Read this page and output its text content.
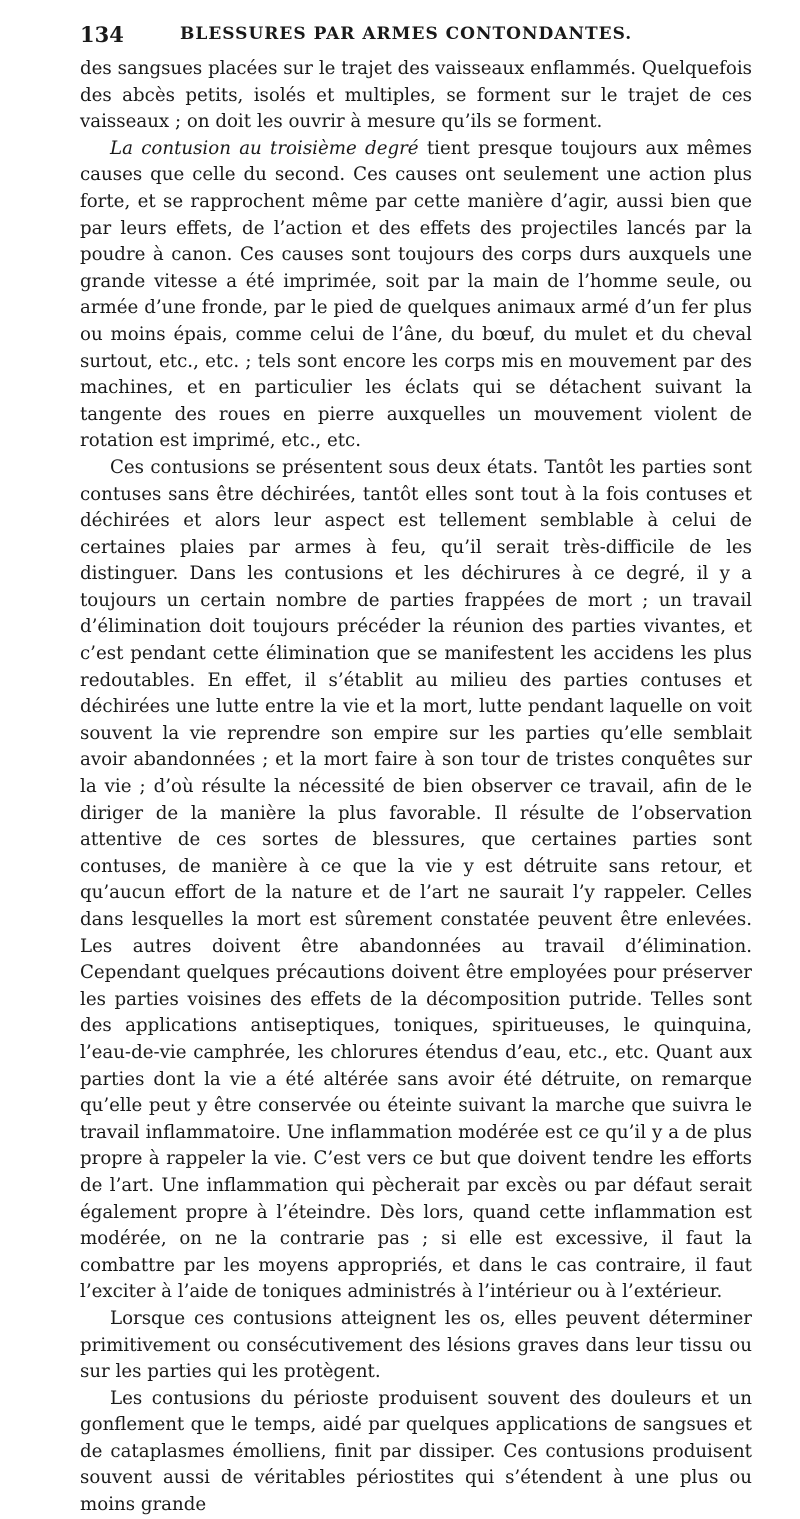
134	BLESSURES PAR ARMES CONTONDANTES.

des sangsues placées sur le trajet des vaisseaux enflammés. Quelquefois des abcès petits, isolés et multiples, se forment sur le trajet de ces vaisseaux ; on doit les ouvrir à mesure qu’ils se forment.

La contusion au troisième degré tient presque toujours aux mêmes causes que celle du second. Ces causes ont seulement une action plus forte, et se rapprochent même par cette manière d’agir, aussi bien que par leurs effets, de l’action et des effets des projectiles lancés par la poudre à canon. Ces causes sont toujours des corps durs auxquels une grande vitesse a été imprimée, soit par la main de l’homme seule, ou armée d’une fronde, par le pied de quelques animaux armé d’un fer plus ou moins épais, comme celui de l’âne, du bœuf, du mulet et du cheval surtout, etc., etc. ; tels sont encore les corps mis en mouvement par des machines, et en particulier les éclats qui se détachent suivant la tangente des roues en pierre auxquelles un mouvement violent de rotation est imprimé, etc., etc.

Ces contusions se présentent sous deux états. Tantôt les parties sont contuses sans être déchirées, tantôt elles sont tout à la fois contuses et déchirées et alors leur aspect est tellement semblable à celui de certaines plaies par armes à feu, qu’il serait très-difficile de les distinguer. Dans les contusions et les déchirures à ce degré, il y a toujours un certain nombre de parties frappées de mort ; un travail d’élimination doit toujours précéder la réunion des parties vivantes, et c’est pendant cette élimination que se manifestent les accidens les plus redoutables. En effet, il s’établit au milieu des parties contuses et déchirées une lutte entre la vie et la mort, lutte pendant laquelle on voit souvent la vie reprendre son empire sur les parties qu’elle semblait avoir abandonnées ; et la mort faire à son tour de tristes conquêtes sur la vie ; d’où résulte la nécessité de bien observer ce travail, afin de le diriger de la manière la plus favorable. Il résulte de l’observation attentive de ces sortes de blessures, que certaines parties sont contuses, de manière à ce que la vie y est détruite sans retour, et qu’aucun effort de la nature et de l’art ne saurait l’y rappeler. Celles dans lesquelles la mort est sûrement constatée peuvent être enlevées. Les autres doivent être abandonnées au travail d’élimination. Cependant quelques précautions doivent être employées pour préserver les parties voisines des effets de la décomposition putride. Telles sont des applications antiseptiques, toniques, spiritueuses, le quinquina, l’eau-de-vie camphrée, les chlorures étendus d’eau, etc., etc. Quant aux parties dont la vie a été altérée sans avoir été détruite, on remarque qu’elle peut y être conservée ou éteinte suivant la marche que suivra le travail inflammatoire. Une inflammation modérée est ce qu’il y a de plus propre à rappeler la vie. C’est vers ce but que doivent tendre les efforts de l’art. Une inflammation qui pècherait par excès ou par défaut serait également propre à l’éteindre. Dès lors, quand cette inflammation est modérée, on ne la contrarie pas ; si elle est excessive, il faut la combattre par les moyens appropriés, et dans le cas contraire, il faut l’exciter à l’aide de toniques administrés à l’intérieur ou à l’extérieur.

Lorsque ces contusions atteignent les os, elles peuvent déterminer primitivement ou consécutivement des lésions graves dans leur tissu ou sur les parties qui les protègent.

Les contusions du périoste produisent souvent des douleurs et un gonflement que le temps, aidé par quelques applications de sangsues et de cataplasmes émolliens, finit par dissiper. Ces contusions produisent souvent aussi de véritables périostites qui s’étendent à une plus ou moins grande
